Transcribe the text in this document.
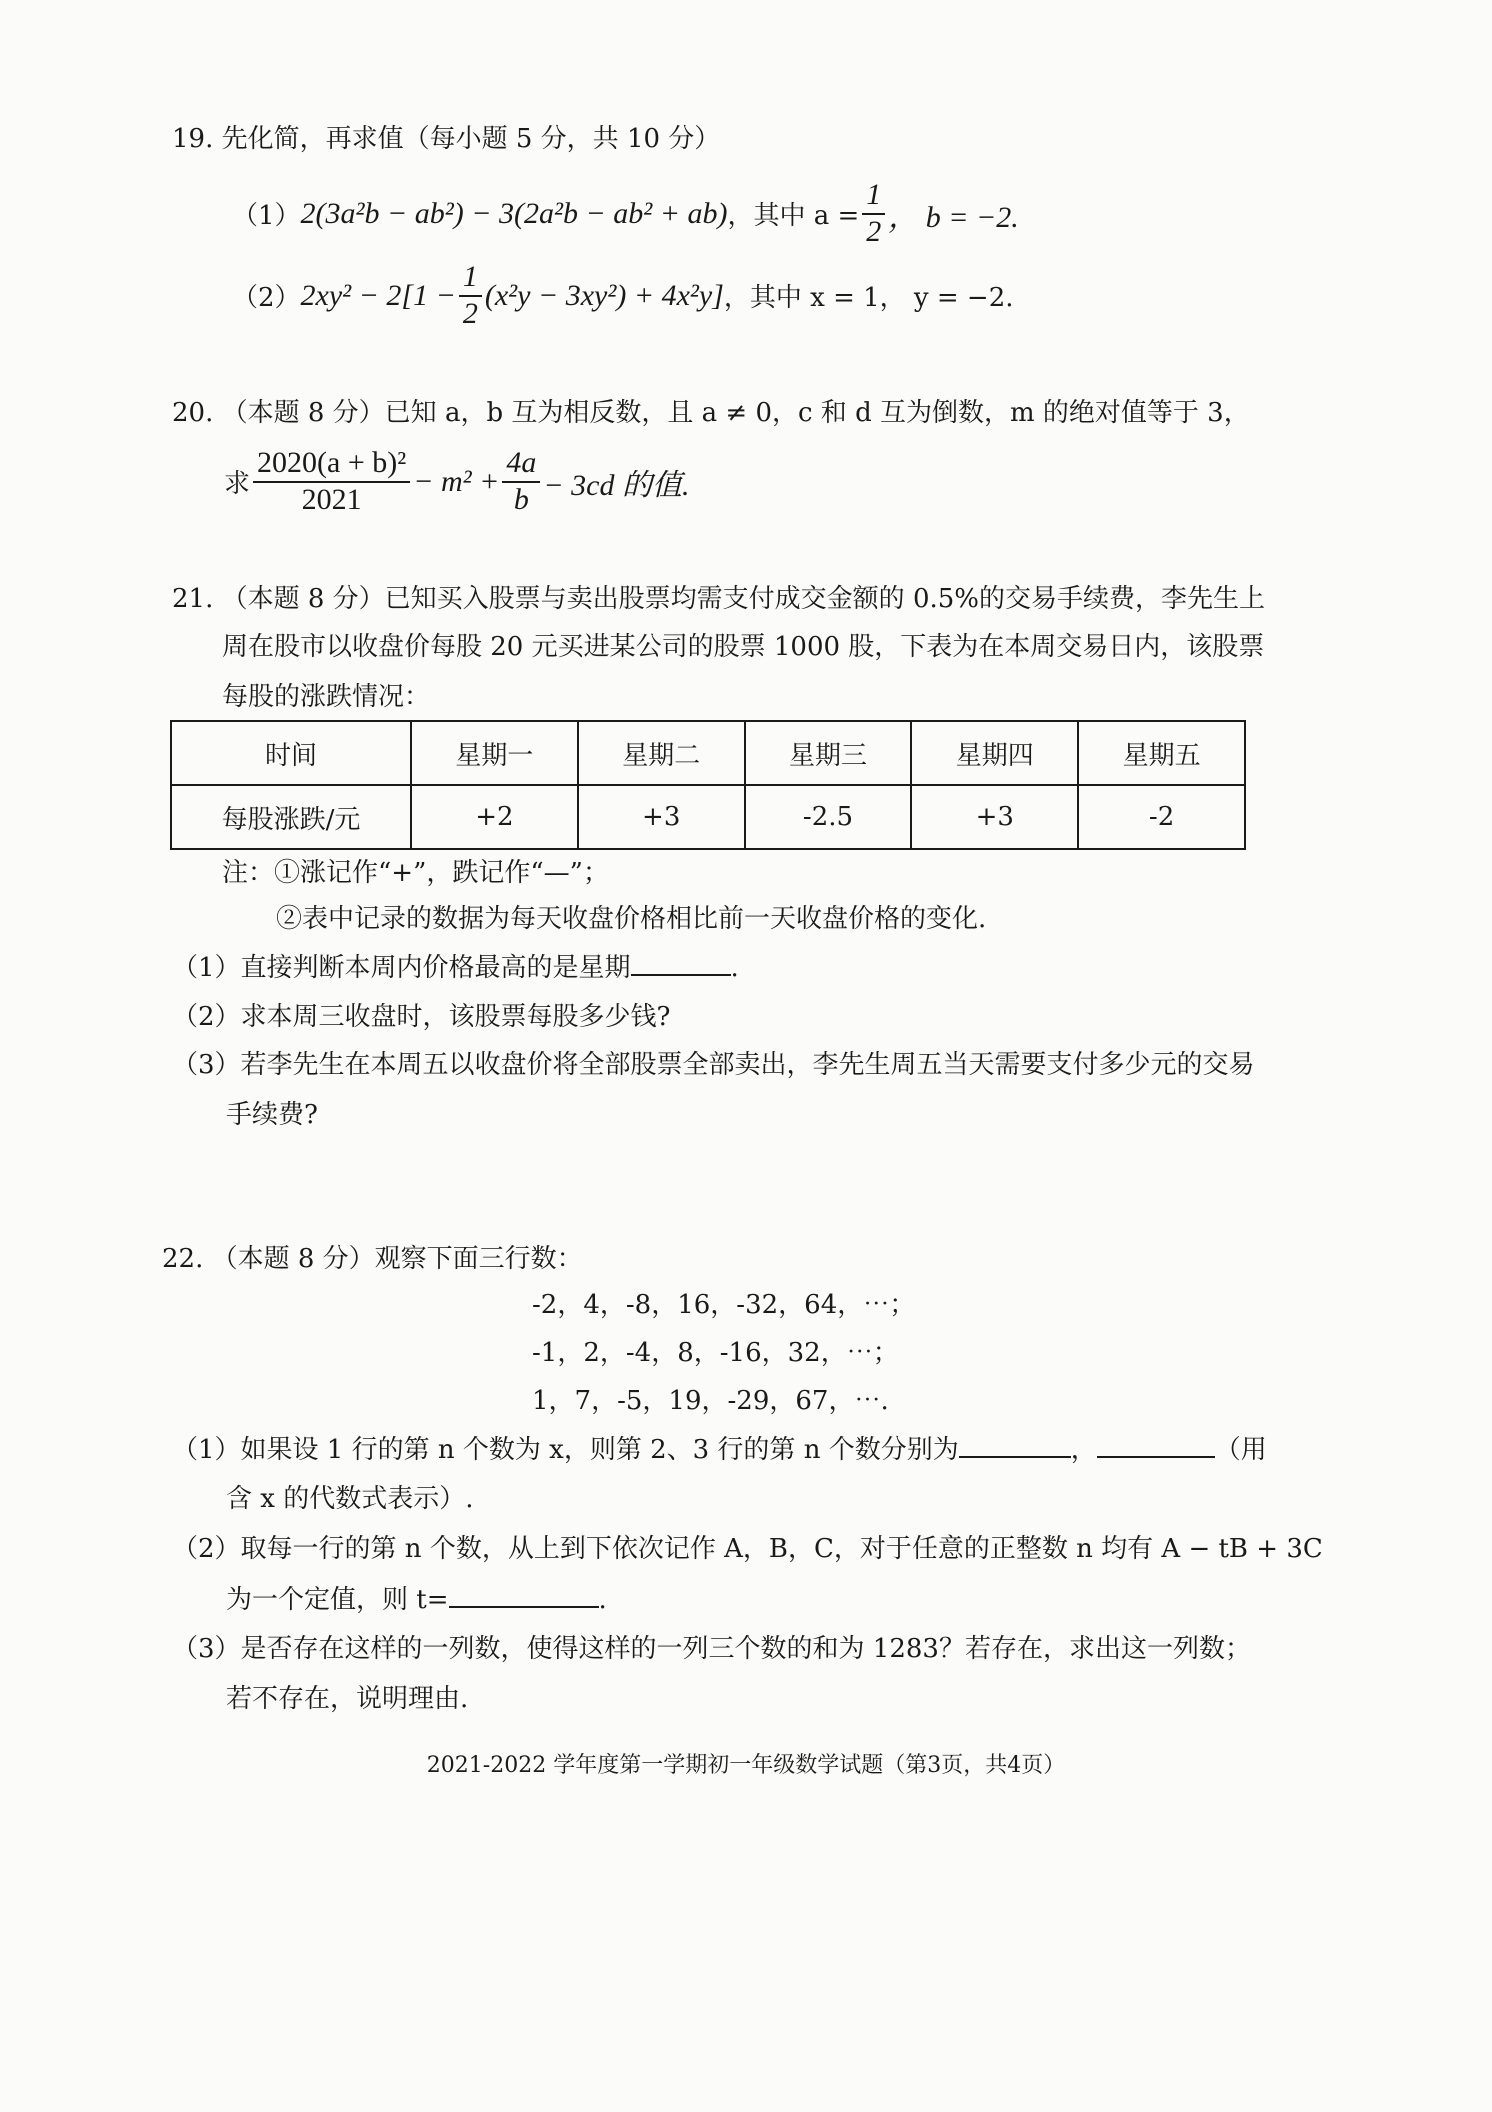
19. 先化简，再求值（每小题 5 分，共 10 分）
（1） 2(3a²b − ab²) − 3(2a²b − ab² + ab) ，其中 $a = \frac{1}{2}$ ， b = −2.
（2） $2xy^2 - 2[1 - \frac{1}{2} (x^2y - 3xy^2) + 4x^2y]$ ，其中 x = 1， y = −2.
20. （本题 8 分）已知 a，b 互为相反数，且 a ≠ 0，c 和 d 互为倒数，m 的绝对值等于 3，
求 $\frac{\text{2020(a + b)²}}{2021} - m^2 + \frac{4a}{b} - 3cd$ 的值.
21. （本题 8 分）已知买入股票与卖出股票均需支付成交金额的 0.5%的交易手续费，李先生上
周在股市以收盘价每股 20 元买进某公司的股票 1000 股，下表为在本周交易日内，该股票
每股的涨跌情况：
时间	星期一	星期二	星期三	星期四	星期五
每股涨跌/元	+2	+3	-2.5	+3	-2
注：①涨记作“+”，跌记作“—”；
②表中记录的数据为每天收盘价格相比前一天收盘价格的变化.
（1）直接判断本周内价格最高的是星期	.
（2）求本周三收盘时，该股票每股多少钱?
（3）若李先生在本周五以收盘价将全部股票全部卖出，李先生周五当天需要支付多少元的交易
手续费?
22. （本题 8 分）观察下面三行数：
-2，4，-8，16，-32，64，⋯；
-1，2，-4，8，-16，32，⋯；
1，7，-5，19，-29，67，⋯.
（1）如果设 1 行的第 n 个数为 x，则第 2、3 行的第 n 个数分别为	，	（用
含 x 的代数式表示）.
（2）取每一行的第 n 个数，从上到下依次记作 A，B，C，对于任意的正整数 n 均有 A − tB + 3C
为一个定值，则 t=	.
（3）是否存在这样的一列数，使得这样的一列三个数的和为 1283？若存在，求出这一列数；
若不存在，说明理由.
2021-2022 学年度第一学期初一年级数学试题（第3页，共4页）
